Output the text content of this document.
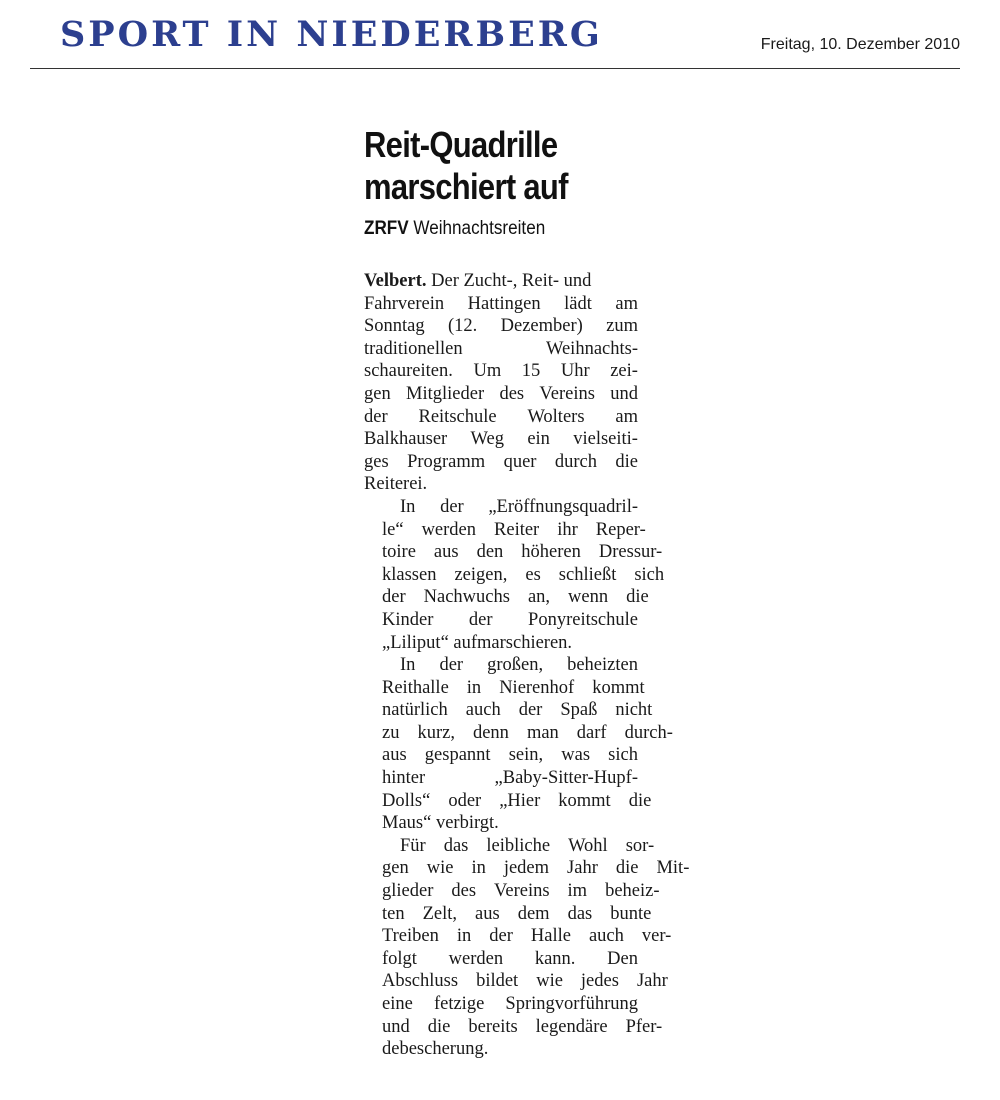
SPORT IN NIEDERBERG	Freitag, 10. Dezember 2010
Reit-Quadrille
marschiert auf
ZRFV Weihnachtsreiten

Velbert. Der Zucht-, Reit- und
Fahrverein Hattingen lädt am
Sonntag (12. Dezember) zum
traditionellen	Weihnachts-
schaureiten. Um 15 Uhr zei-
gen Mitglieder des Vereins und
der Reitschule Wolters am
Balkhauser Weg ein vielseiti-
ges Programm quer durch die
Reiterei.

In	der	„Eröffnungsquadril-
le“ werden Reiter ihr Reper-
toire aus den höheren Dressur-
klassen zeigen, es schließt sich
der Nachwuchs an, wenn die
Kinder	der	Ponyreitschule
„Liliput“ aufmarschieren.

In	der	großen,	beheizten
Reithalle in Nierenhof kommt
natürlich auch der Spaß nicht
zu kurz, denn man darf durch-
aus gespannt sein, was sich
hinter	„Baby-Sitter-Hupf-
Dolls“ oder „Hier kommt die
Maus“ verbirgt.

Für das leibliche Wohl sor-
gen wie in jedem Jahr die Mit-
glieder des Vereins im beheiz-
ten Zelt, aus dem das bunte
Treiben in der Halle auch ver-
folgt	werden	kann.	Den
Abschluss bildet wie jedes Jahr
eine	fetzige	Springvorführung
und die bereits legendäre Pfer-
debescherung.
